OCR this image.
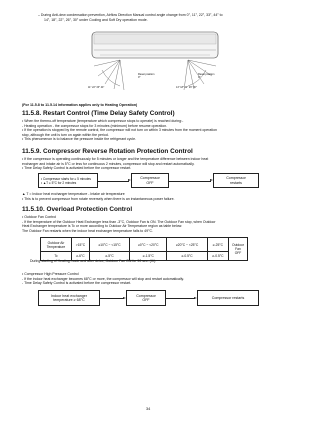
– During Anti-dew condensation prevention, Airflow Direction Manual control angle change from 0°, 11°, 22°, 33°, 44° to
14°, 18°, 22°, 26°, 30° under Cooling and Soft Dry operation mode.
Reset position
0°
Reset position
0°
11° 22° 33° 44°	14° 18° 22° 26° 30°
(For 11.5.8 to 11.5.14 information applies only to Heating Operation)
11.5.8. Restart Control (Time Delay Safety Control)
• When the thermo-off temperature (temperature which compressor stops to operate) is reached during:-
- Heating operation - the compressor stops for 3 minutes (minimum) before resume operation.
• If the operation is stopped by the remote control, the compressor will not turn on within 3 minutes from the moment operation
stop, although the unit is turn on again within the period.
• This phenomenon is to balance the pressure inside the refrigerant cycle.
11.5.9. Compressor Reverse Rotation Protection Control
• If the compressor is operating continuously for 5 minutes or longer and the temperature difference between indoor heat
exchanger and intake air is 5°C or less for continuous 2 minutes, compressor will stop and restart automatically.
• Time Delay Safety Control is activated before the compressor restart.
• Compressor starts for ≥ 5 minutes
• ▲T ≤ 5°C for 2 minutes
Compressor
OFF
Compressor
restarts
▲ T = Indoor heat exchanger temperature - Intake air temperature
• This is to prevent compressor from rotate reversely when there is an instantaneous power failure.
11.5.10. Overload Protection Control
• Outdoor Fan Control
- If the temperature of the Outdoor Heat Exchanger less than -3°C, Outdoor Fan is ON. The Outdoor Fan stop, when Outdoor
Heat Exchanger temperature is Tc or more according to Outdoor Air Temperature region as table below:
The Outdoor Fan restarts when the indoor heat exchanger temperature falls to 49°C.
Outdoor Air
Temperature	>15°C	≥10°C ~ <15°C	≥0°C ~ <20°C	≥20°C ~ <25°C	≥-25°C	Outdoor
Fan
OFF
Tc	≥-6°C	≥-5°C	≥-1.5°C	≥-0.5°C	≥-0.5°C	
During starting of Heating mode and after deice, Outdoor Fan ON for 90 sec. (Hi).
• Compressor High Pressure Control
- If the indoor heat exchanger becomes 68°C or more, the compressor will stop and restart automatically.
- Time Delay Safety Control is activated before the compressor restart.
Indoor heat exchanger
temperature ≥ 68°C
Compressor
OFF
Compressor restarts
34
